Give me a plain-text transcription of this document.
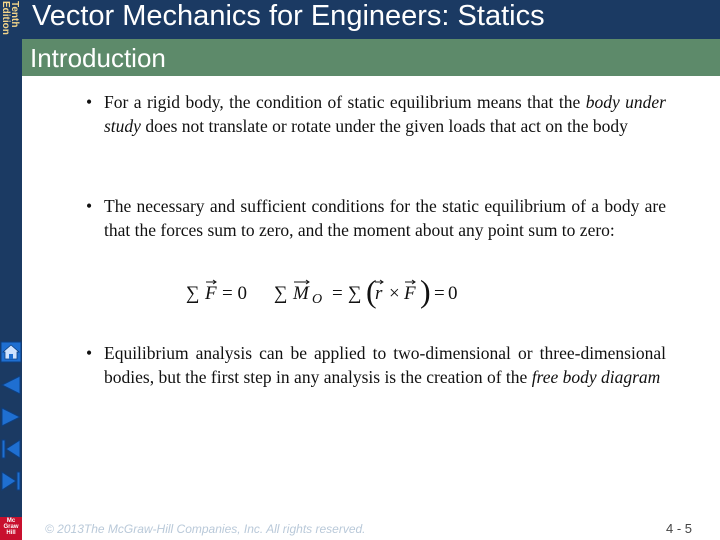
Tenth
Edition Vector Mechanics for Engineers: Statics
Introduction
Mc
Graw
Hill
• For a rigid body, the condition of static equilibrium means that the body under study does not translate or rotate under the given loads that act on the body
• The necessary and sufficient conditions for the static equilibrium of a body are that the forces sum to zero, and the moment about any point sum to zero:
∑ F = 0 ∑ M O = ∑ (
r × F ) = 0
• Equilibrium analysis can be applied to two-dimensional or three-dimensional bodies, but the first step in any analysis is the creation of the free body diagram
© 2013The McGraw-Hill Companies, Inc. All rights reserved.	4 - 5
